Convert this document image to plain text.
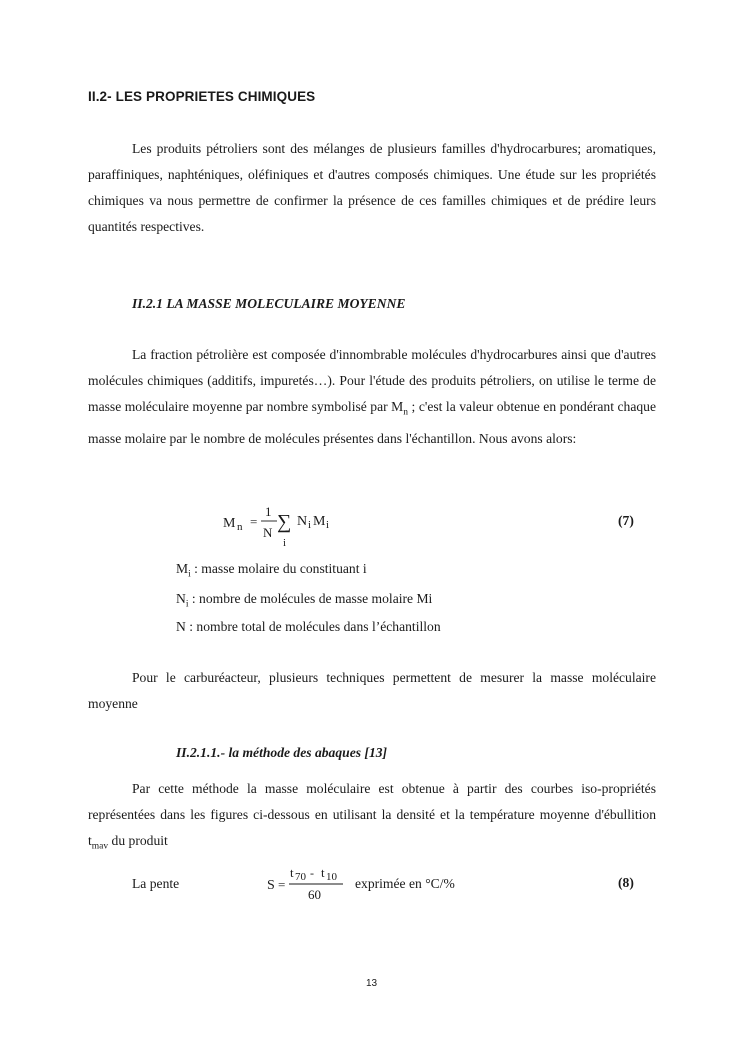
II.2- LES PROPRIETES CHIMIQUES

Les produits pétroliers sont des mélanges de plusieurs familles d'hydrocarbures; aromatiques, paraffiniques, naphténiques, oléfiniques et d'autres composés chimiques. Une étude sur les propriétés chimiques va nous permettre de confirmer la présence de ces familles chimiques et de prédire leurs quantités respectives.

II.2.1 LA MASSE MOLECULAIRE MOYENNE

La fraction pétrolière est composée d'innombrable molécules d'hydrocarbures ainsi que d'autres molécules chimiques (additifs, impuretés…). Pour l'étude des produits pétroliers, on utilise le terme de masse moléculaire moyenne par nombre symbolisé par $M_n$ ; c'est la valeur obtenue en pondérant chaque masse molaire par le nombre de molécules présentes dans l'échantillon. Nous avons alors:

M n =
1
N ∑
i
N i M i	(7)
$M_i$ : masse molaire du constituant i
$N_i$ : nombre de molécules de masse molaire Mi
N : nombre total de molécules dans l’échantillon

Pour le carburéacteur, plusieurs techniques permettent de mesurer la masse moléculaire moyenne

II.2.1.1.- la méthode des abaques [13]

Par cette méthode la masse moléculaire est obtenue à partir des courbes iso-propriétés représentées dans les figures ci-dessous en utilisant la densité et la température moyenne d'ébullition $t_{mav}$ du produit

La pente	S =
t 70 - t 10
60
exprimée en °C/%	(8)
13
